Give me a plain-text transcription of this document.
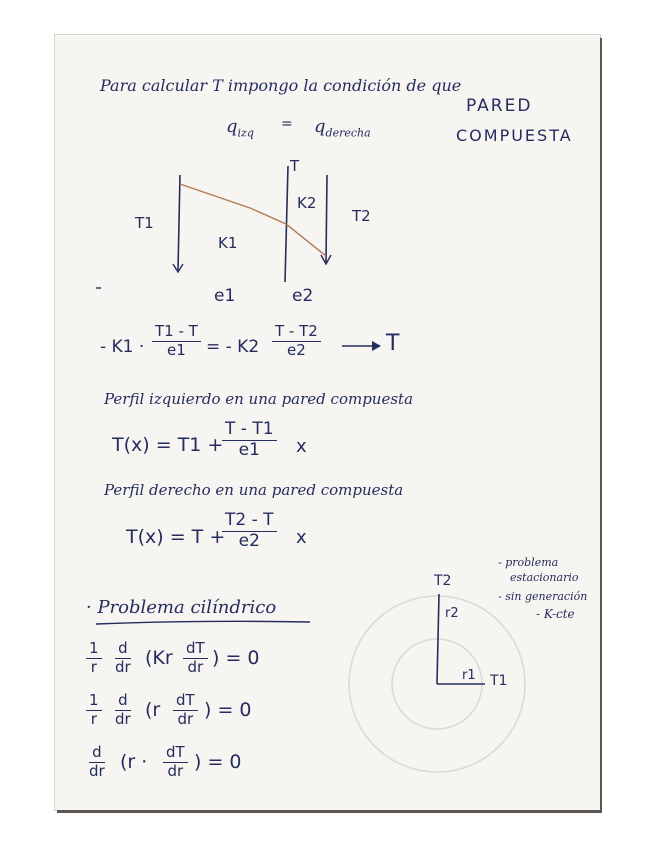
Para calcular T impongo la condición de que
$q_{izq}$
= $q_{derecha}$
PARED
COMPUESTA
T
T1	T2
K1
K2
e1	e2
- $K1 \cdot \frac{T1 - T}{e1}$ = - $K2 \frac{T - T2}{e2}$	T
Perfil izquierdo en una pared compuesta
T(x) = T1 +
$\frac{T - T1}{e1}$ x
Perfil derecho en una pared compuesta
T(x) = T +
$\frac{T2 - T}{e2}$ x
· Problema cilíndrico
$\frac{1}{r} \frac{d}{dr} (Kr \frac{dT}{dr}$ ) = 0
$\frac{1}{r} \frac{d}{dr} (r \frac{dT}{dr}$ ) = 0
$\frac{d}{dr} (r \cdot \frac{dT}{dr}$ ) = 0
T2
T1
r2
r1
- problema
estacionario
- sin generación
- K-cte
